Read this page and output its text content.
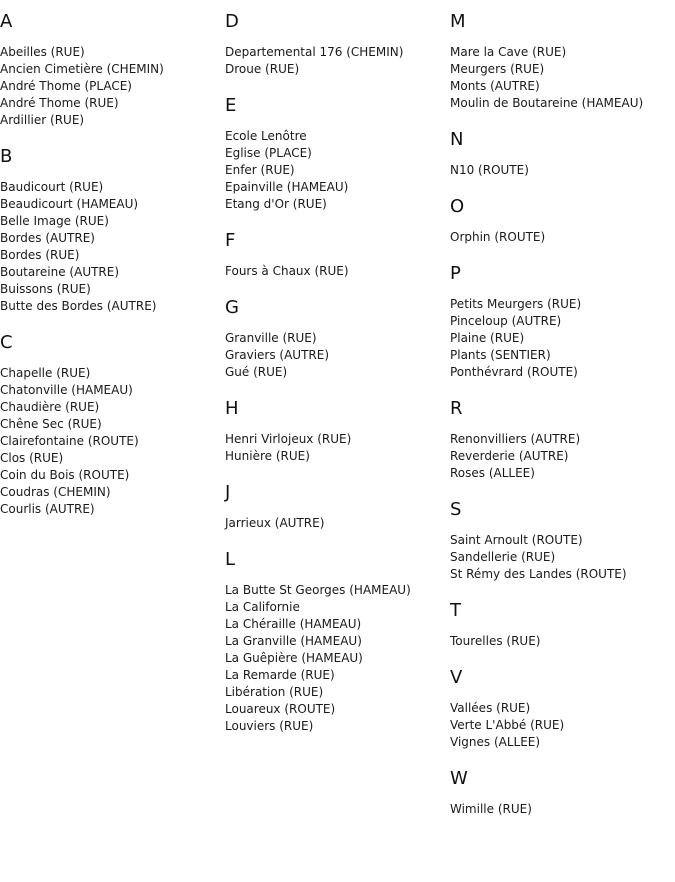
A
Abeilles (RUE)
Ancien Cimetière (CHEMIN)
André Thome (PLACE)
André Thome (RUE)
Ardillier (RUE)
B
Baudicourt (RUE)
Beaudicourt (HAMEAU)
Belle Image (RUE)
Bordes (AUTRE)
Bordes (RUE)
Boutareine (AUTRE)
Buissons (RUE)
Butte des Bordes (AUTRE)
C
Chapelle (RUE)
Chatonville (HAMEAU)
Chaudière (RUE)
Chêne Sec (RUE)
Clairefontaine (ROUTE)
Clos (RUE)
Coin du Bois (ROUTE)
Coudras (CHEMIN)
Courlis (AUTRE)
D
Departemental 176 (CHEMIN)
Droue (RUE)
E
Ecole Lenôtre
Eglise (PLACE)
Enfer (RUE)
Epainville (HAMEAU)
Etang d'Or (RUE)
F
Fours à Chaux (RUE)
G
Granville (RUE)
Graviers (AUTRE)
Gué (RUE)
H
Henri Virlojeux (RUE)
Hunière (RUE)
J
Jarrieux (AUTRE)
L
La Butte St Georges (HAMEAU)
La Californie
La Chéraille (HAMEAU)
La Granville (HAMEAU)
La Guêpière (HAMEAU)
La Remarde (RUE)
Libération (RUE)
Louareux (ROUTE)
Louviers (RUE)
M
Mare la Cave (RUE)
Meurgers (RUE)
Monts (AUTRE)
Moulin de Boutareine (HAMEAU)
N
N10 (ROUTE)
O
Orphin (ROUTE)
P
Petits Meurgers (RUE)
Pinceloup (AUTRE)
Plaine (RUE)
Plants (SENTIER)
Ponthévrard (ROUTE)
R
Renonvilliers (AUTRE)
Reverderie (AUTRE)
Roses (ALLEE)
S
Saint Arnoult (ROUTE)
Sandellerie (RUE)
St Rémy des Landes (ROUTE)
T
Tourelles (RUE)
V
Vallées (RUE)
Verte L'Abbé (RUE)
Vignes (ALLEE)
W
Wimille (RUE)
